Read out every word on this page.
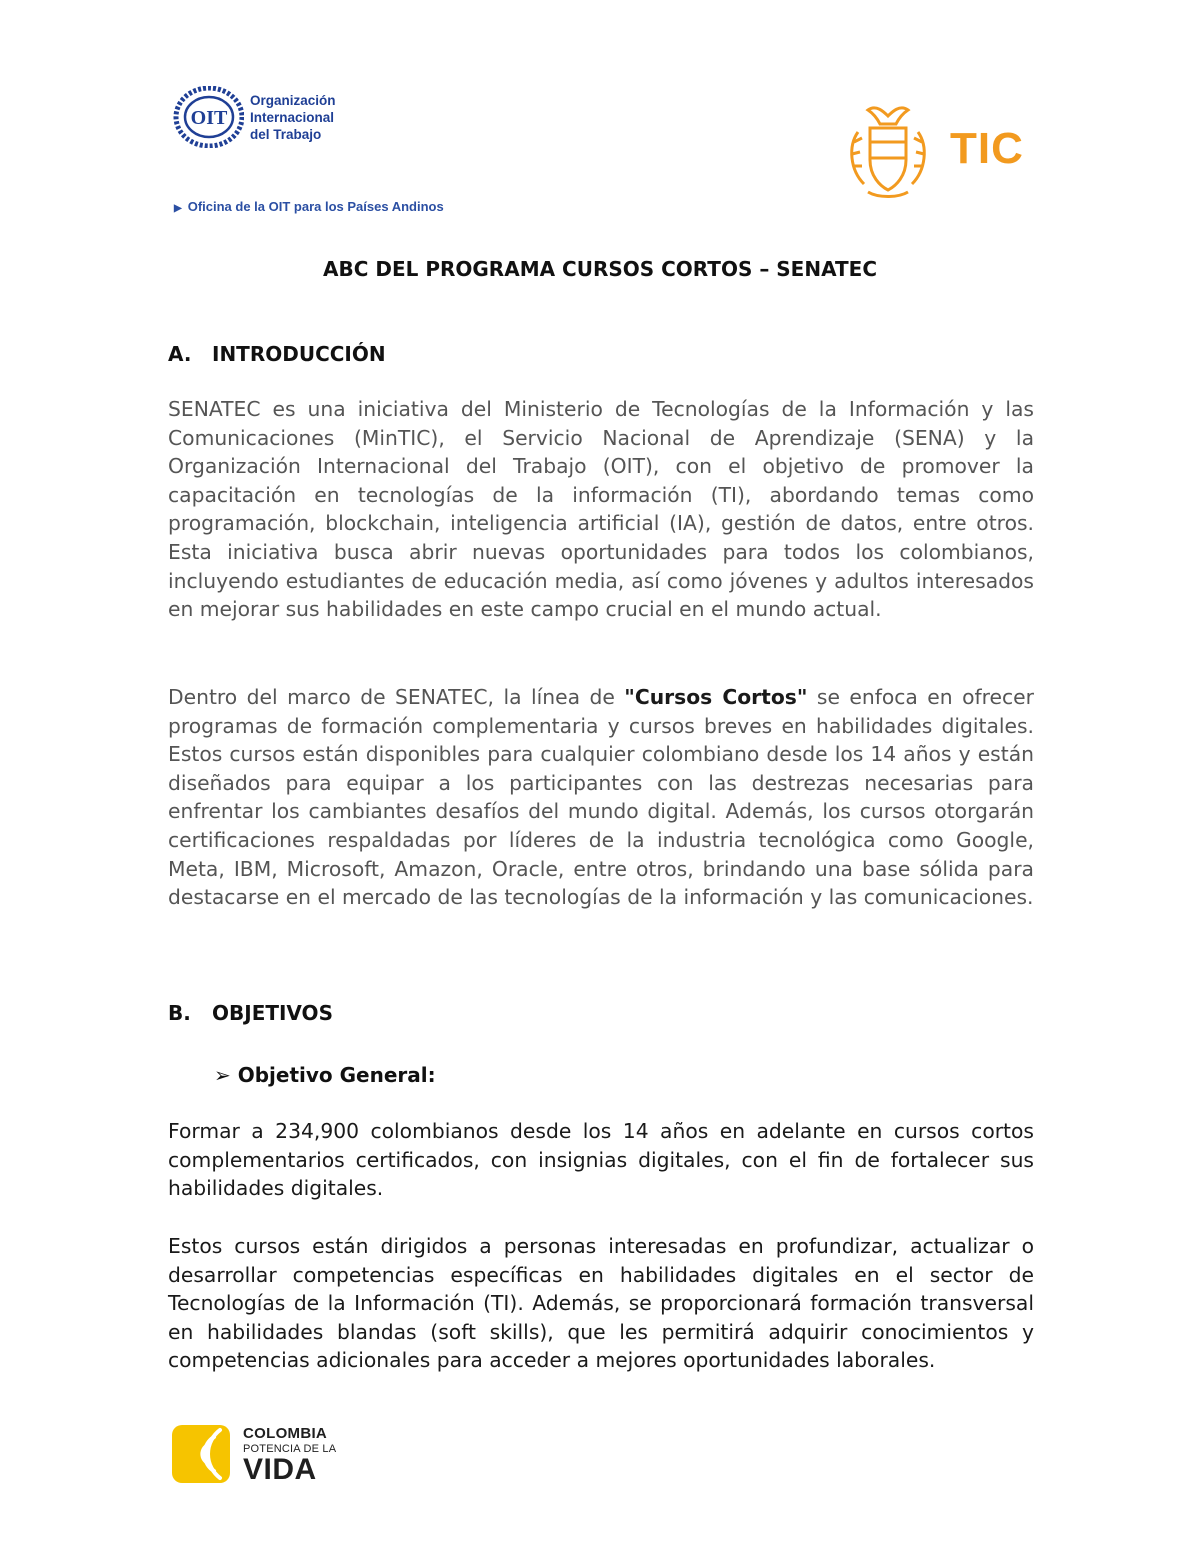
OIT
Organización
Internacional
del Trabajo
▶ Oficina de la OIT para los Países Andinos
TIC
ABC DEL PROGRAMA CURSOS CORTOS – SENATEC
A. INTRODUCCIÓN
SENATEC es una iniciativa del Ministerio de Tecnologías de la Información y las Comunicaciones (MinTIC), el Servicio Nacional de Aprendizaje (SENA) y la Organización Internacional del Trabajo (OIT), con el objetivo de promover la capacitación en tecnologías de la información (TI), abordando temas como programación, blockchain, inteligencia artificial (IA), gestión de datos, entre otros. Esta iniciativa busca abrir nuevas oportunidades para todos los colombianos, incluyendo estudiantes de educación media, así como jóvenes y adultos interesados en mejorar sus habilidades en este campo crucial en el mundo actual.
Dentro del marco de SENATEC, la línea de "Cursos Cortos" se enfoca en ofrecer programas de formación complementaria y cursos breves en habilidades digitales. Estos cursos están disponibles para cualquier colombiano desde los 14 años y están diseñados para equipar a los participantes con las destrezas necesarias para enfrentar los cambiantes desafíos del mundo digital. Además, los cursos otorgarán certificaciones respaldadas por líderes de la industria tecnológica como Google, Meta, IBM, Microsoft, Amazon, Oracle, entre otros, brindando una base sólida para destacarse en el mercado de las tecnologías de la información y las comunicaciones.
B. OBJETIVOS
➢ Objetivo General:
Formar a 234,900 colombianos desde los 14 años en adelante en cursos cortos complementarios certificados, con insignias digitales, con el fin de fortalecer sus habilidades digitales.
Estos cursos están dirigidos a personas interesadas en profundizar, actualizar o desarrollar competencias específicas en habilidades digitales en el sector de Tecnologías de la Información (TI). Además, se proporcionará formación transversal en habilidades blandas (soft skills), que les permitirá adquirir conocimientos y competencias adicionales para acceder a mejores oportunidades laborales.
COLOMBIA
POTENCIA DE LA
VIDA
